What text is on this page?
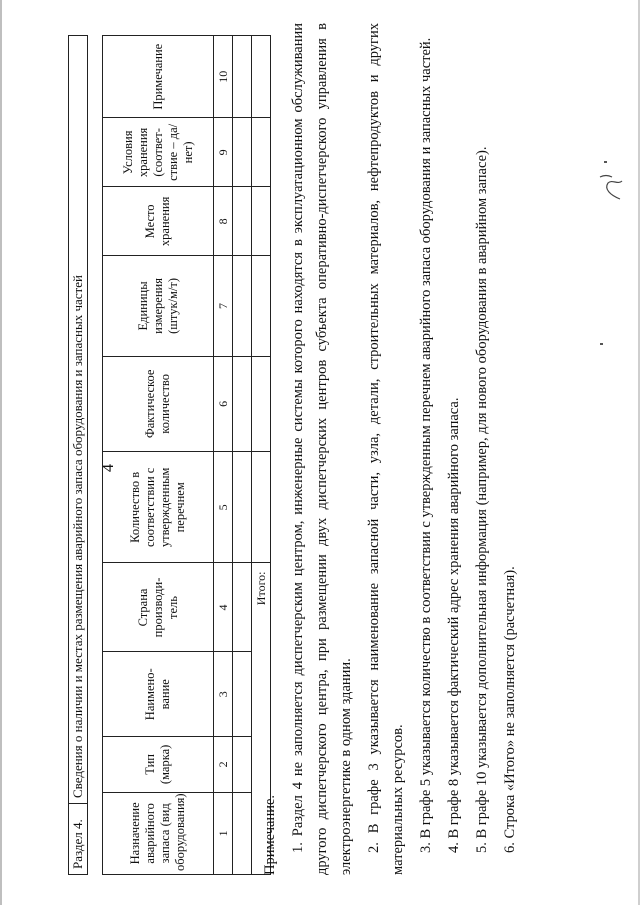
4
Раздел 4.	Сведения о наличии и местах размещения аварийного запаса оборудования и запасных частей
Назначение аварийного запаса (вид оборудования)	Тип (марка)	Наимено-вание	Страна производи-тель	Количество в соответствии с утвержденным перечнем	Фактическое количество	Единицы измерения (штук/м/т)	Место хранения	Условия хранения (соответ-ствие – да/нет)	Примечание
1	2	3	4	5	6	7	8	9	10

Итого:									

Примечание. 1. Раздел 4 не заполняется диспетчерским центром, инженерные системы которого находятся в эксплуатационном обслуживании другого диспетчерского центра, при размещении двух диспетчерских центров субъекта оперативно-диспетчерского управления в электроэнергетике в одном здании. 2. В графе 3 указывается наименование запасной части, узла, детали, строительных материалов, нефтепродуктов и других материальных ресурсов. 3. В графе 5 указывается количество в соответствии с утвержденным перечнем аварийного запаса оборудования и запасных частей. 4. В графе 8 указывается фактический адрес хранения аварийного запаса. 5. В графе 10 указывается дополнительная информация (например, для нового оборудования в аварийном запасе). 6. Строка «Итого» не заполняется (расчетная).
